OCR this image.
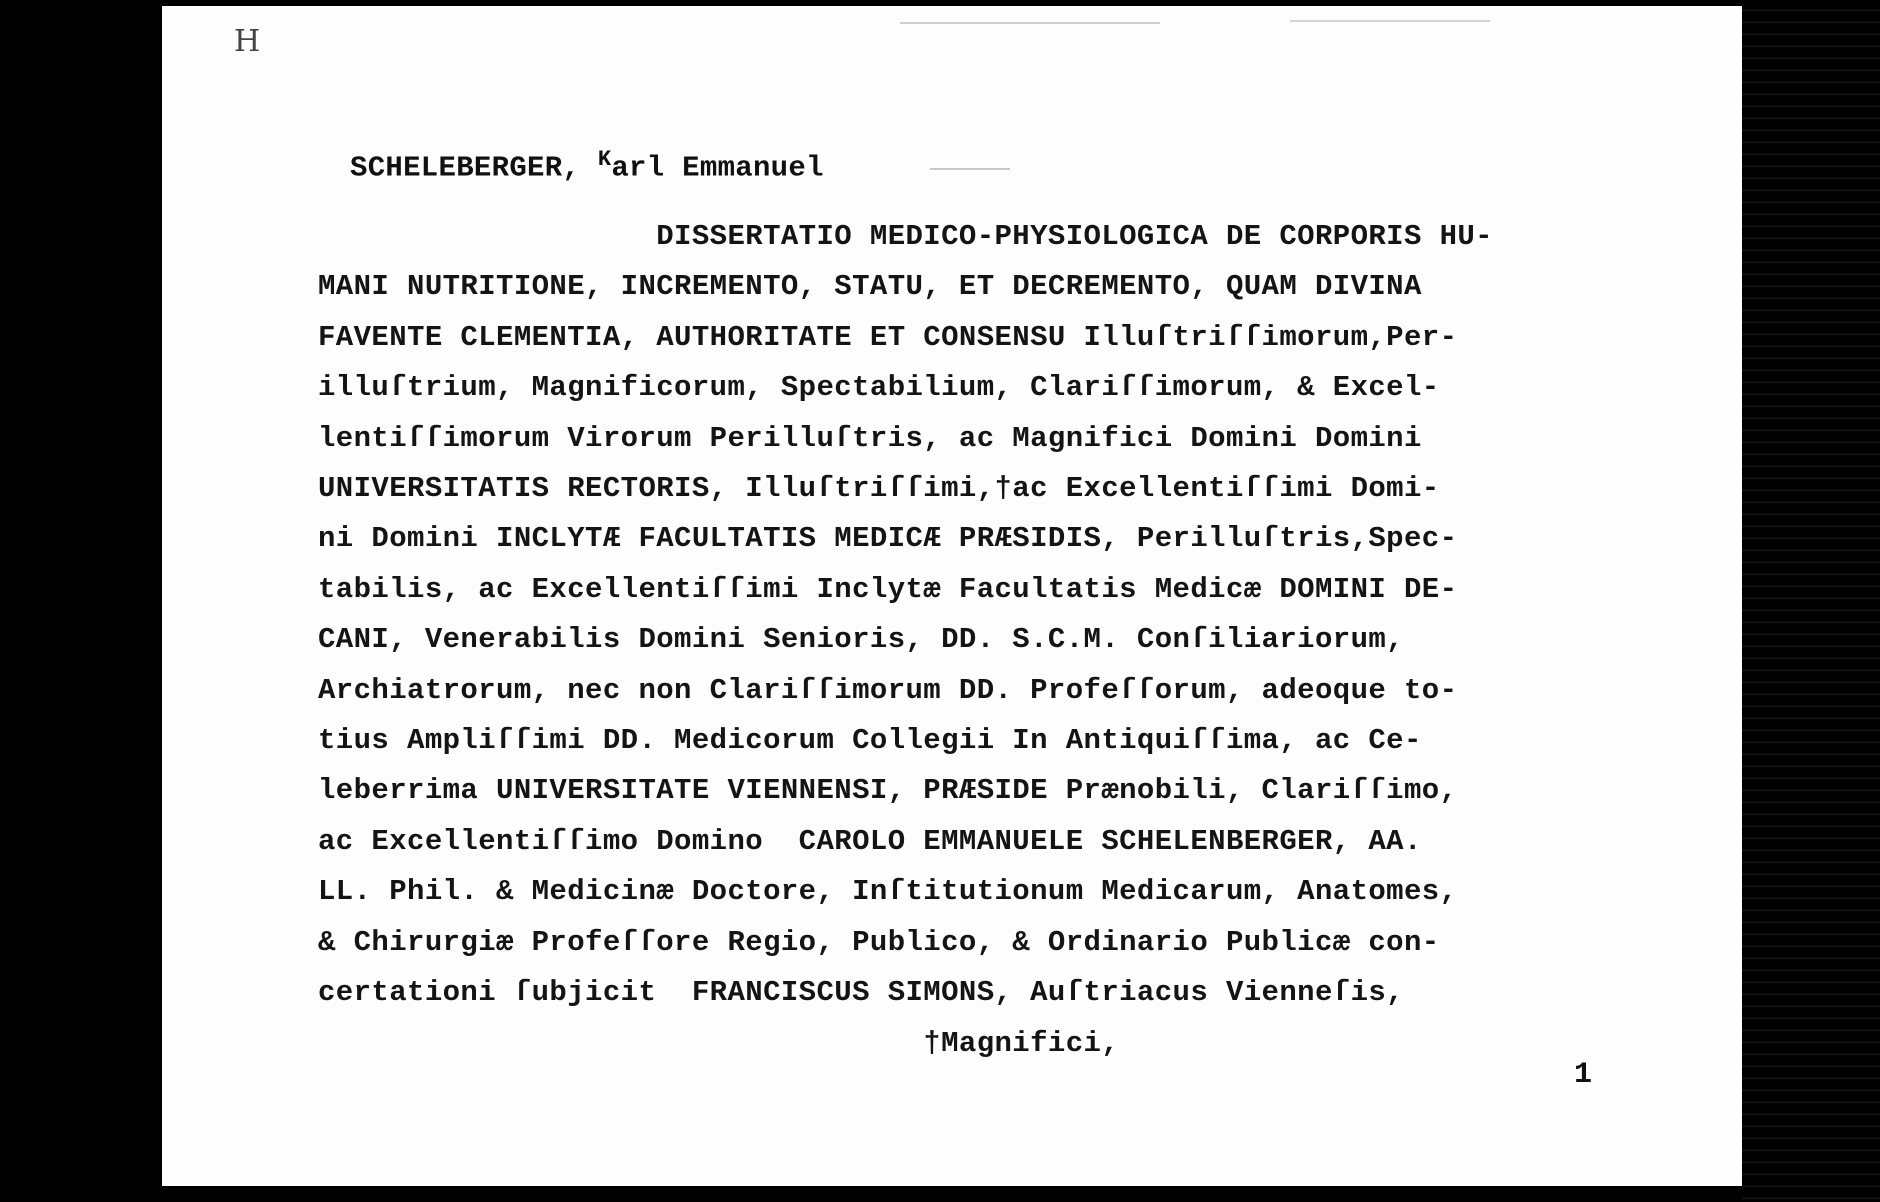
H
SCHELEBERGER, $^K$arl Emmanuel
DISSERTATIO MEDICO-PHYSIOLOGICA DE CORPORIS HU-
MANI NUTRITIONE, INCREMENTO, STATU, ET DECREMENTO, QUAM DIVINA
FAVENTE CLEMENTIA, AUTHORITATE ET CONSENSU Illuſtriſſimorum,Per-
illuſtrium, Magnificorum, Spectabilium, Clariſſimorum, & Excel-
lentiſſimorum Virorum Perilluſtris, ac Magnifici Domini Domini
UNIVERSITATIS RECTORIS, Illuſtriſſimi,†ac Excellentiſſimi Domi-
ni Domini INCLYTÆ FACULTATIS MEDICÆ PRÆSIDIS, Perilluſtris,Spec-
tabilis, ac Excellentiſſimi Inclytæ Facultatis Medicæ DOMINI DE-
CANI, Venerabilis Domini Senioris, DD. S.C.M. Conſiliariorum,
Archiatrorum, nec non Clariſſimorum DD. Profeſſorum, adeoque to-
tius Ampliſſimi DD. Medicorum Collegii In Antiquiſſima, ac Ce-
leberrima UNIVERSITATE VIENNENSI, PRÆSIDE Prænobili, Clariſſimo,
ac Excellentiſſimo Domino  CAROLO EMMANUELE SCHELENBERGER, AA.
LL. Phil. & Medicinæ Doctore, Inſtitutionum Medicarum, Anatomes,
& Chirurgiæ Profeſſore Regio, Publico, & Ordinario Publicæ con-
certationi ſubjicit  FRANCISCUS SIMONS, Auſtriacus Vienneſis,
†Magnifici,
1
